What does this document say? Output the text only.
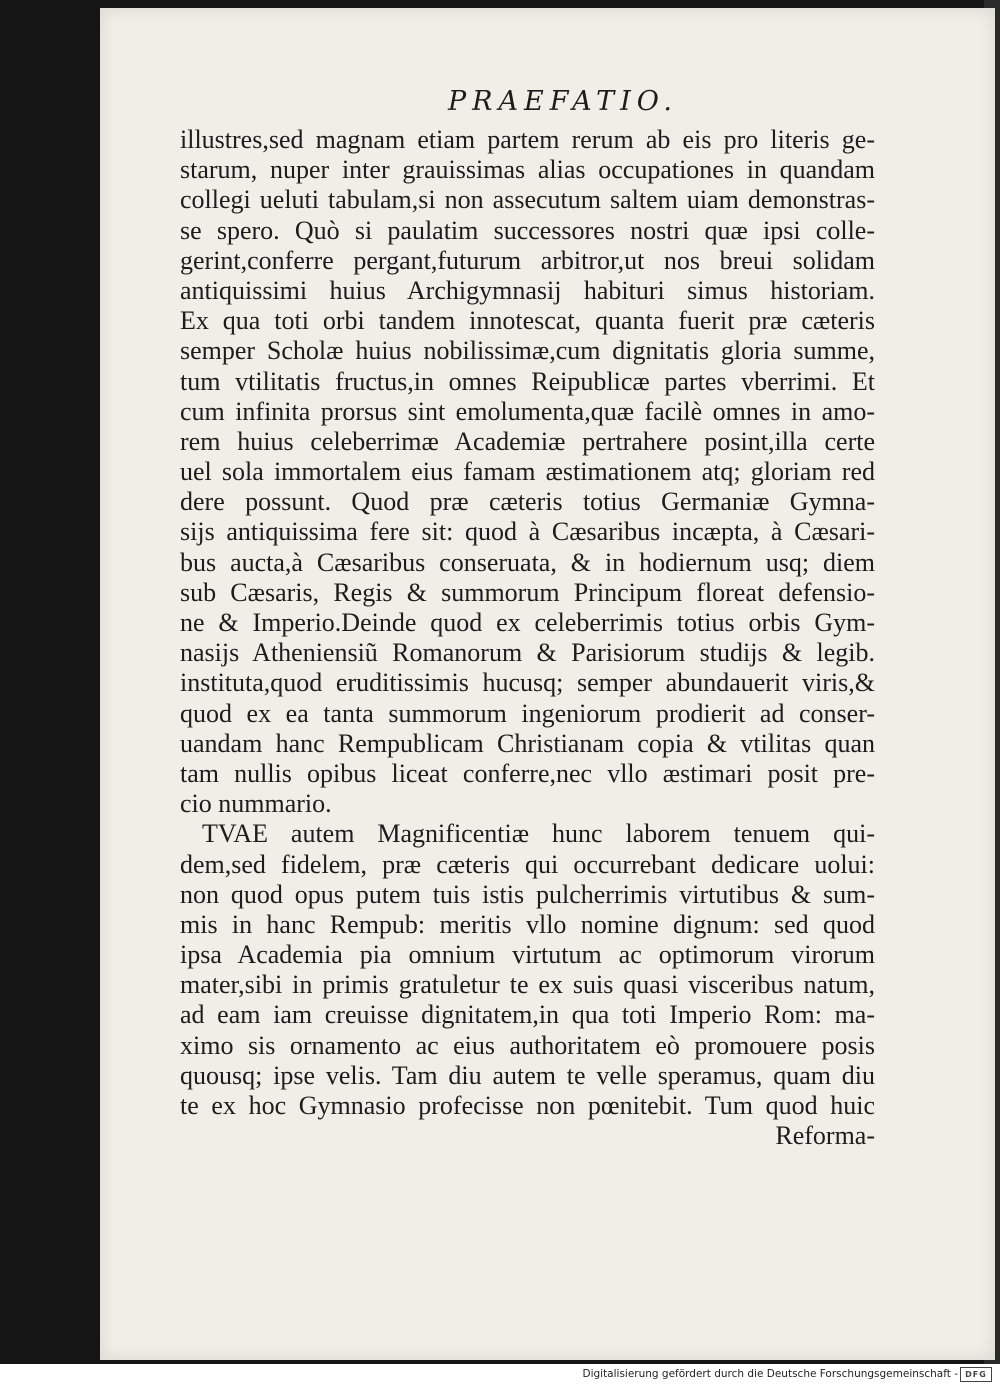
PRAEFATIO.

illustres,sed magnam etiam partem rerum ab eis pro literis ge-
starum, nuper inter grauissimas alias occupationes in quandam
collegi ueluti tabulam,si non assecutum saltem uiam demonstras-
se spero. Quò si paulatim successores nostri quæ ipsi colle-
gerint,conferre pergant,futurum arbitror,ut nos breui solidam
antiquissimi huius Archigymnasij habituri simus historiam.
Ex qua toti orbi tandem innotescat, quanta fuerit præ cæteris
semper Scholæ huius nobilissimæ,cum dignitatis gloria summe,
tum vtilitatis fructus,in omnes Reipublicæ partes vberrimi. Et
cum infinita prorsus sint emolumenta,quæ facilè omnes in amo-
rem huius celeberrimæ Academiæ pertrahere posint,illa certe
uel sola immortalem eius famam æstimationem atq; gloriam red
dere possunt. Quod præ cæteris totius Germaniæ Gymna-
sijs antiquissima fere sit: quod à Cæsaribus incæpta, à Cæsari-
bus aucta,à Cæsaribus conseruata, & in hodiernum usq; diem
sub Cæsaris, Regis & summorum Principum floreat defensio-
ne & Imperio.Deinde quod ex celeberrimis totius orbis Gym-
nasijs Atheniensiũ Romanorum & Parisiorum studijs & legib.
instituta,quod eruditissimis hucusq; semper abundauerit viris,&
quod ex ea tanta summorum ingeniorum prodierit ad conser-
uandam hanc Rempublicam Christianam copia & vtilitas quan
tam nullis opibus liceat conferre,nec vllo æstimari posit pre-
cio nummario.
TVAE autem Magnificentiæ hunc laborem tenuem qui-
dem,sed fidelem, præ cæteris qui occurrebant dedicare uolui:
non quod opus putem tuis istis pulcherrimis virtutibus & sum-
mis in hanc Rempub: meritis vllo nomine dignum: sed quod
ipsa Academia pia omnium virtutum ac optimorum virorum
mater,sibi in primis gratuletur te ex suis quasi visceribus natum,
ad eam iam creuisse dignitatem,in qua toti Imperio Rom: ma-
ximo sis ornamento ac eius authoritatem eò promouere posis
quousq; ipse velis. Tam diu autem te velle speramus, quam diu
te ex hoc Gymnasio profecisse non pœnitebit. Tum quod huic
Reforma-

Digitalisierung gefördert durch die Deutsche Forschungsgemeinschaft - DFG
